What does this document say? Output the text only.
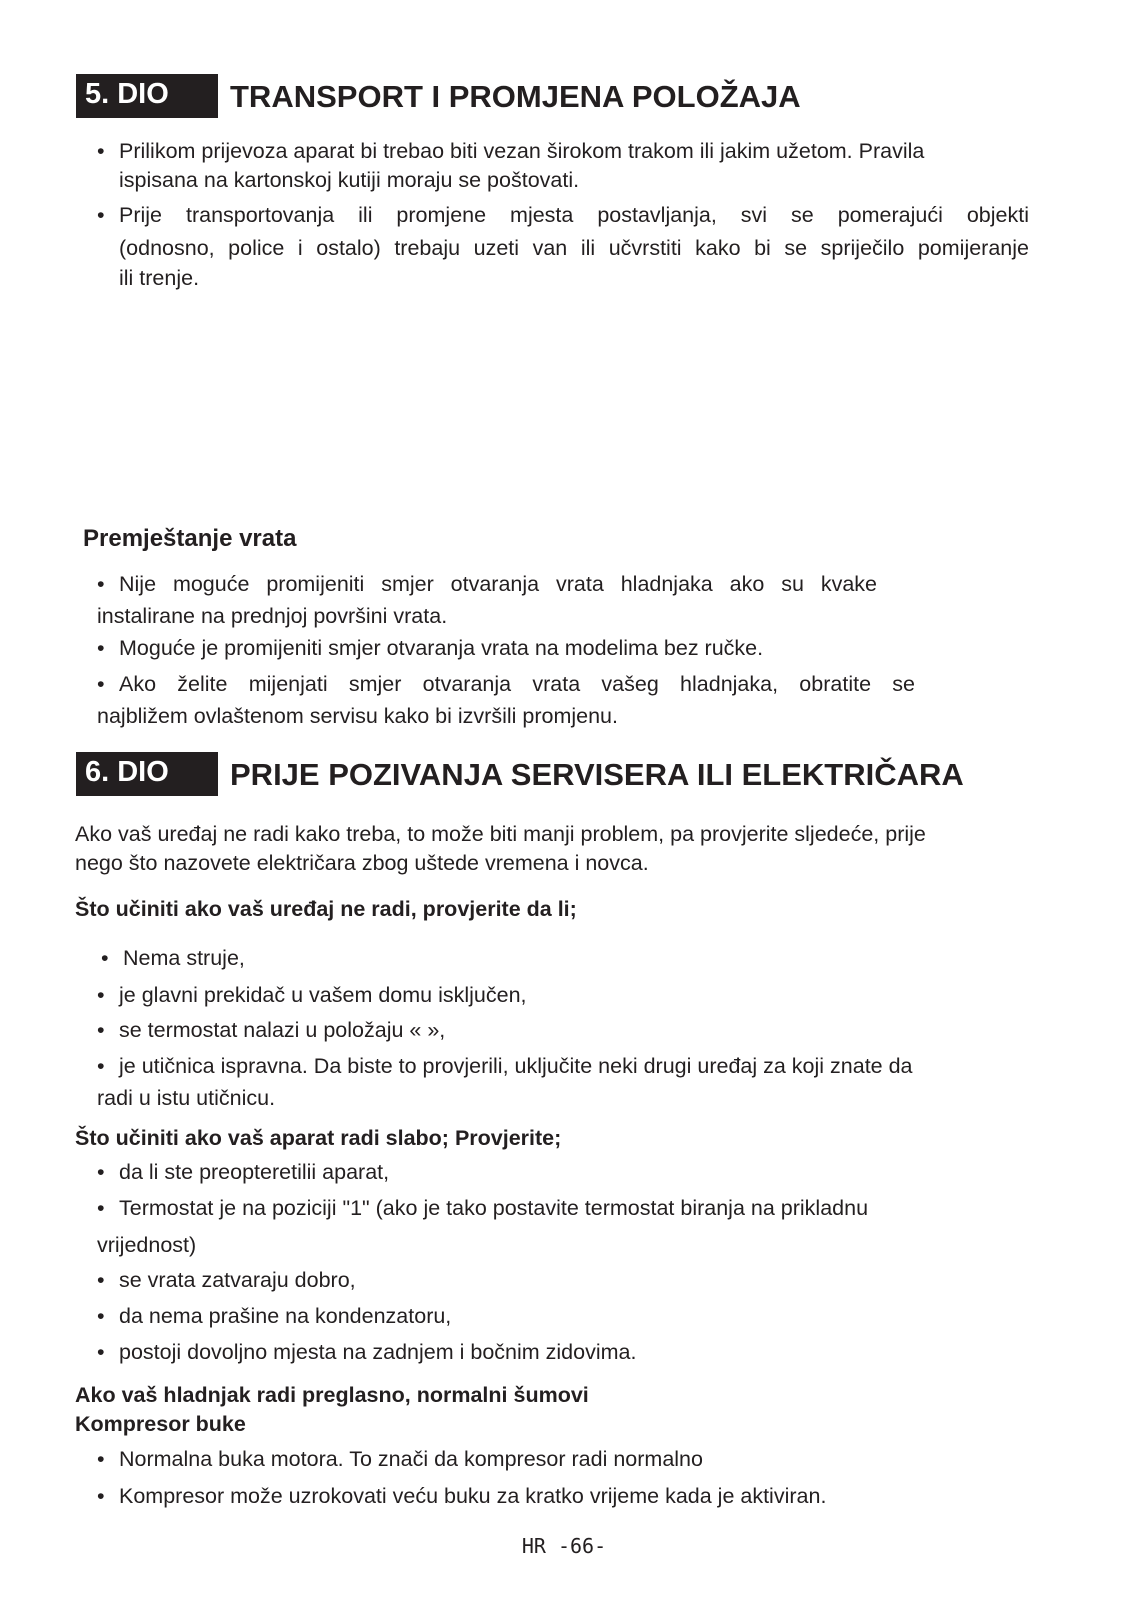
5. DIO	TRANSPORT I PROMJENA POLOŽAJA
• Prilikom prijevoza aparat bi trebao biti vezan širokom trakom ili jakim užetom. Pravila
ispisana na kartonskoj kutiji moraju se poštovati.
• Prije transportovanja ili promjene mjesta postavljanja, svi se pomerajući objekti
(odnosno, police i ostalo) trebaju uzeti van ili učvrstiti kako bi se spriječilo pomijeranje
ili trenje.
Premještanje vrata
• Nije moguće promijeniti smjer otvaranja vrata hladnjaka ako su kvake
instalirane na prednjoj površini vrata.
• Moguće je promijeniti smjer otvaranja vrata na modelima bez ručke.
• Ako želite mijenjati smjer otvaranja vrata vašeg hladnjaka, obratite se
najbližem ovlaštenom servisu kako bi izvršili promjenu.
6. DIO	PRIJE POZIVANJA SERVISERA ILI ELEKTRIČARA
Ako vaš uređaj ne radi kako treba, to može biti manji problem, pa provjerite sljedeće, prije
nego što nazovete električara zbog uštede vremena i novca.
Što učiniti ako vaš uređaj ne radi, provjerite da li;
• Nema struje,
• je glavni prekidač u vašem domu isključen,
• se termostat nalazi u položaju « »,
• je utičnica ispravna. Da biste to provjerili, uključite neki drugi uređaj za koji znate da
radi u istu utičnicu.
Što učiniti ako vaš aparat radi slabo; Provjerite;
• da li ste preopteretilii aparat,
• Termostat je na poziciji "1" (ako je tako postavite termostat biranja na prikladnu
vrijednost)
• se vrata zatvaraju dobro,
• da nema prašine na kondenzatoru,
• postoji dovoljno mjesta na zadnjem i bočnim zidovima.
Ako vaš hladnjak radi preglasno, normalni šumovi
Kompresor buke
• Normalna buka motora. To znači da kompresor radi normalno
• Kompresor može uzrokovati veću buku za kratko vrijeme kada je aktiviran.
HR -66-
